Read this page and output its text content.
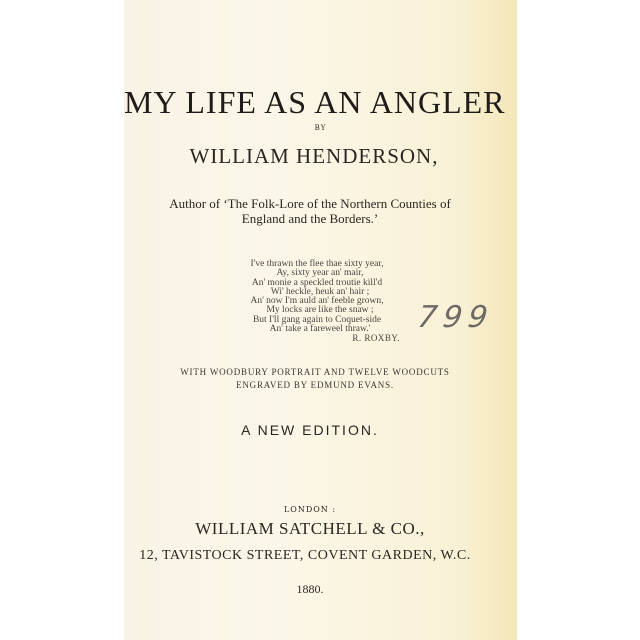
MY LIFE AS AN ANGLER
BY
WILLIAM HENDERSON,
Author of ‘The Folk-Lore of the Northern Counties of
England and the Borders.’
I've thrawn the flee thae sixty year,
Ay, sixty year an' mair,
An' monie a speckled troutie kill'd
Wi' heckle, heuk an' hair ;
An' now I'm auld an' feeble grown,
My locks are like the snaw ;
But I'll gang again to Coquet-side
An' take a fareweel thraw.'
R. ROXBY.
799
WITH WOODBURY PORTRAIT AND TWELVE WOODCUTS
ENGRAVED BY EDMUND EVANS.
A NEW EDITION.
LONDON :
WILLIAM SATCHELL & CO.,
12, TAVISTOCK STREET, COVENT GARDEN, W.C.
1880.
